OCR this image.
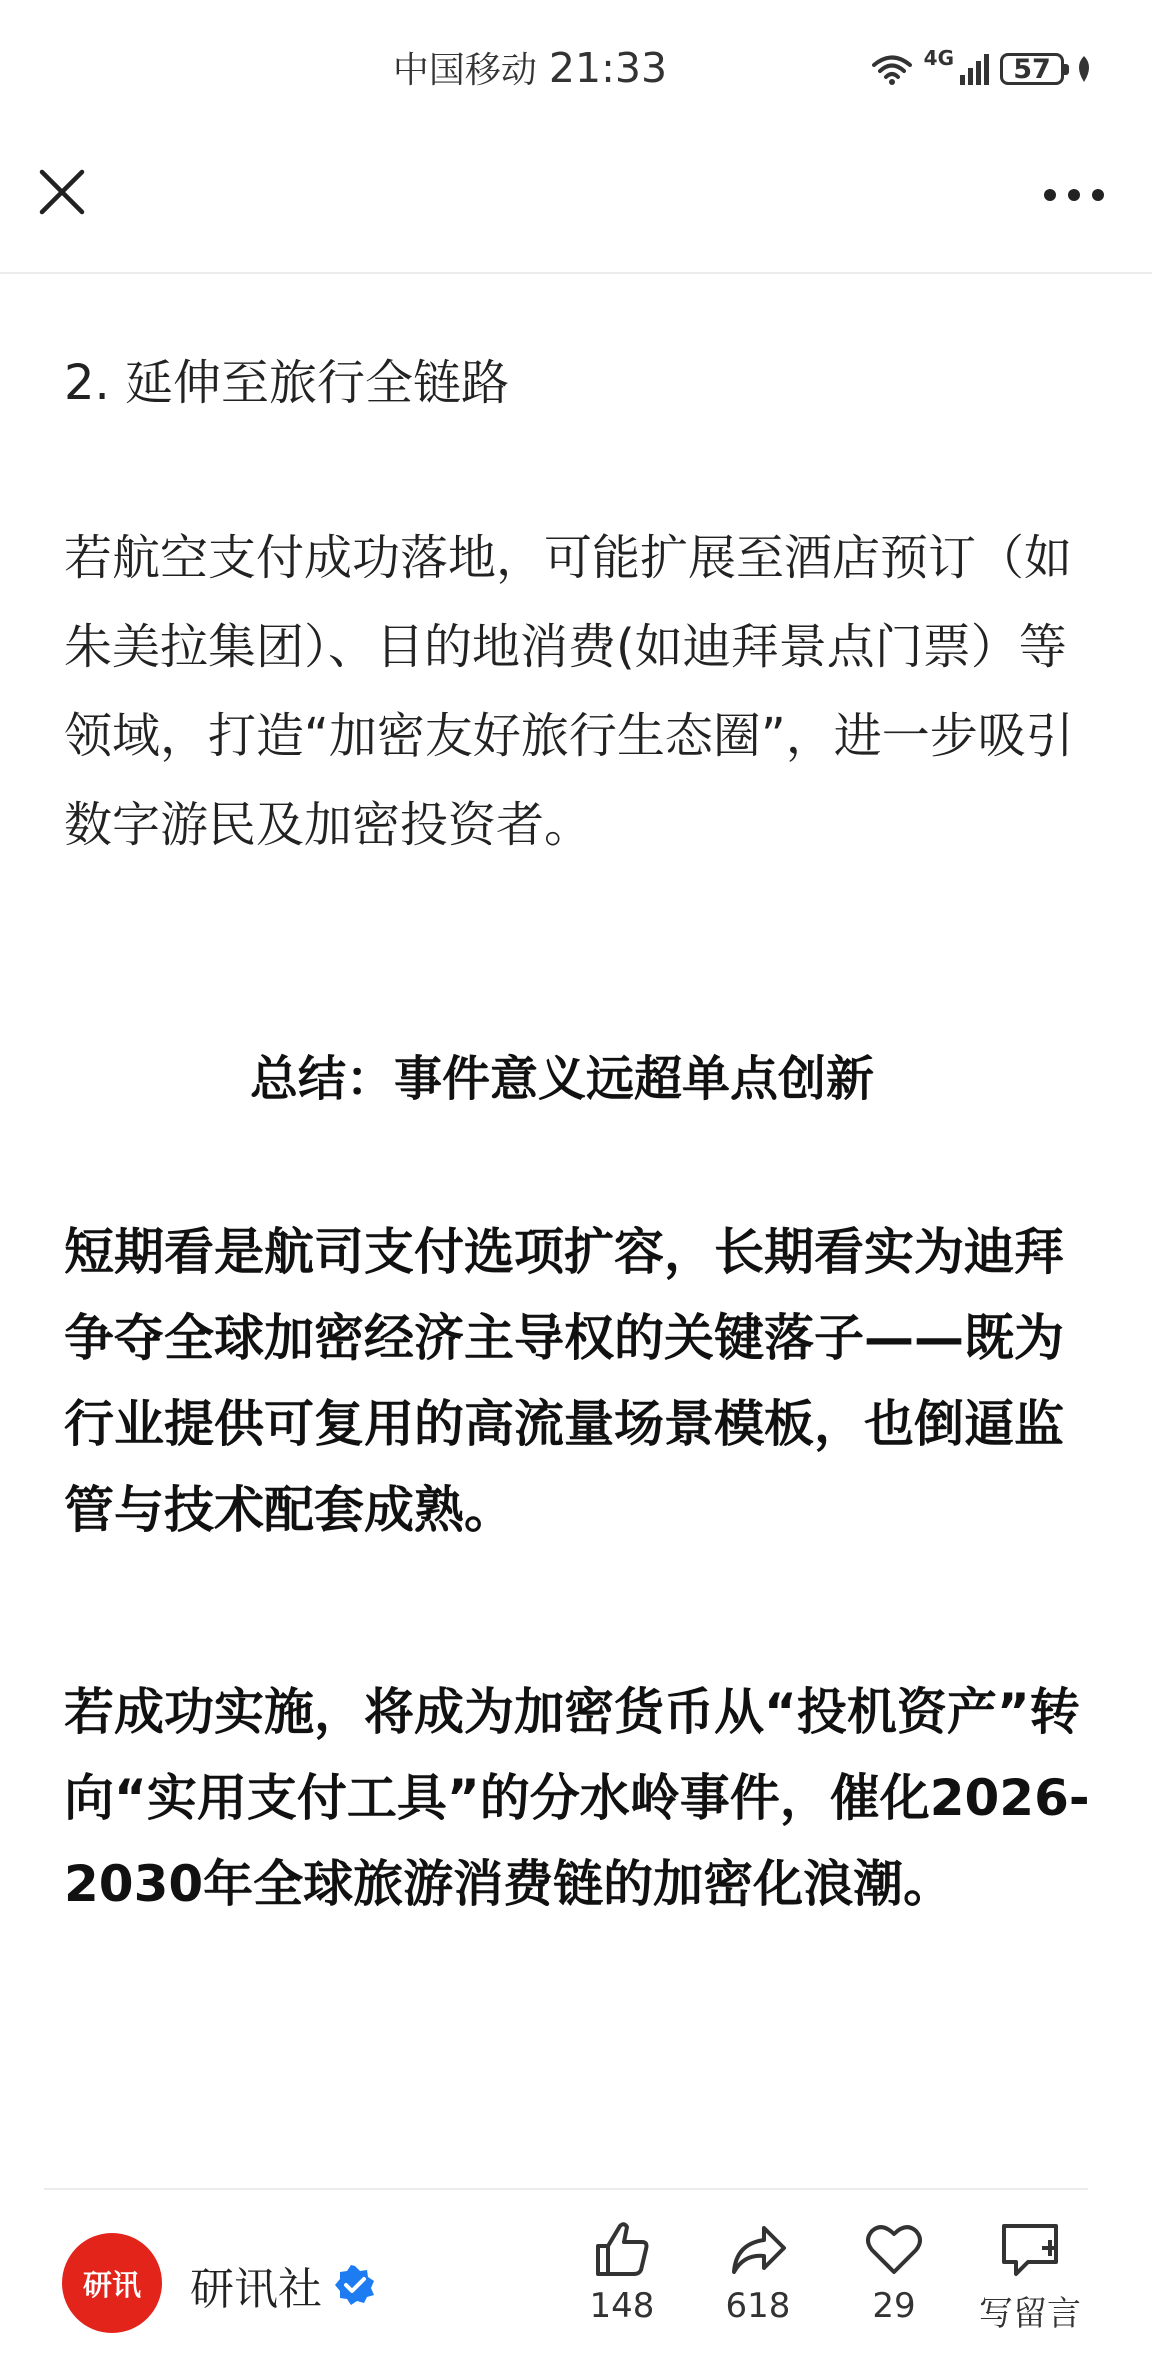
中国移动 21:33	4G	57
2. 延伸至旅行全链路

若航空支付成功落地，可能扩展至酒店预订（如朱美拉集团）、目的地消费(如迪拜景点门票）等领域，打造“加密友好旅行生态圈”，进一步吸引数字游民及加密投资者。

总结：事件意义远超单点创新

短期看是航司支付选项扩容，长期看实为迪拜争夺全球加密经济主导权的关键落子——既为行业提供可复用的高流量场景模板，也倒逼监管与技术配套成熟。

若成功实施，将成为加密货币从“投机资产”转向“实用支付工具”的分水岭事件，催化2026-2030年全球旅游消费链的加密化浪潮。

研讯 研讯社	148	618	29	写留言
